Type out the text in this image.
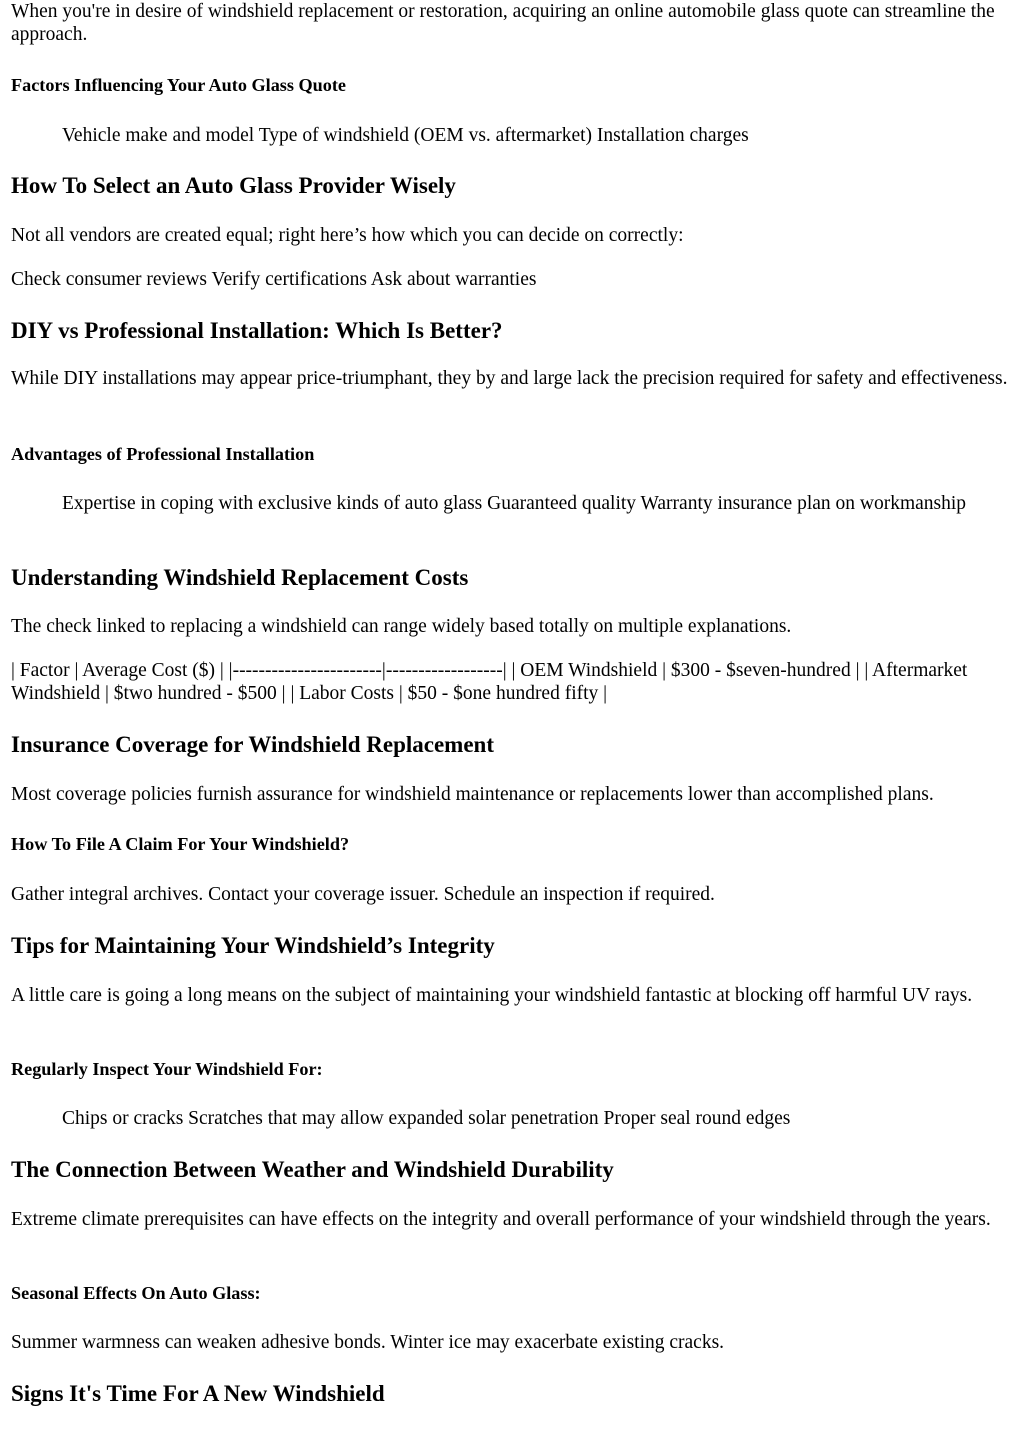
When you're in desire of windshield replacement or restoration, acquiring an online automobile glass quote can streamline the approach.

Factors Influencing Your Auto Glass Quote
Vehicle make and model Type of windshield (OEM vs. aftermarket) Installation charges
How To Select an Auto Glass Provider Wisely

Not all vendors are created equal; right here’s how which you can decide on correctly:

Check consumer reviews Verify certifications Ask about warranties

DIY vs Professional Installation: Which Is Better?

While DIY installations may appear price-triumphant, they by and large lack the precision required for safety and effectiveness.

Advantages of Professional Installation
Expertise in coping with exclusive kinds of auto glass Guaranteed quality Warranty insurance plan on workmanship
Understanding Windshield Replacement Costs

The check linked to replacing a windshield can range widely based totally on multiple explanations.

| Factor | Average Cost ($) | |-----------------------|------------------| | OEM Windshield | $300 - $seven-hundred | | Aftermarket Windshield | $two hundred - $500 | | Labor Costs | $50 - $one hundred fifty |

Insurance Coverage for Windshield Replacement

Most coverage policies furnish assurance for windshield maintenance or replacements lower than accomplished plans.

How To File A Claim For Your Windshield?

Gather integral archives. Contact your coverage issuer. Schedule an inspection if required.

Tips for Maintaining Your Windshield’s Integrity

A little care is going a long means on the subject of maintaining your windshield fantastic at blocking off harmful UV rays.

Regularly Inspect Your Windshield For:
Chips or cracks Scratches that may allow expanded solar penetration Proper seal round edges
The Connection Between Weather and Windshield Durability

Extreme climate prerequisites can have effects on the integrity and overall performance of your windshield through the years.

Seasonal Effects On Auto Glass:

Summer warmness can weaken adhesive bonds. Winter ice may exacerbate existing cracks.

Signs It's Time For A New Windshield
